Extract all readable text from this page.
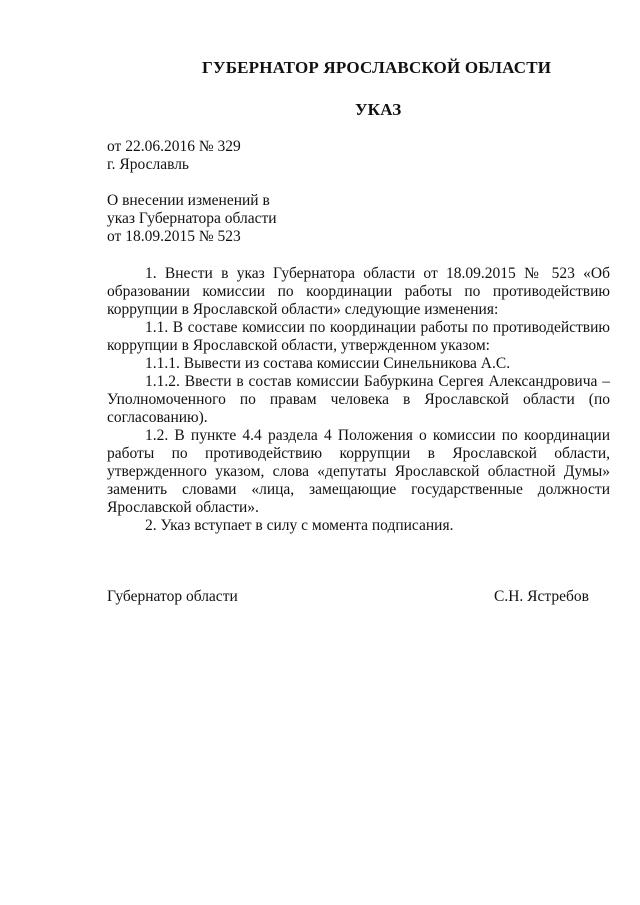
ГУБЕРНАТОР ЯРОСЛАВСКОЙ ОБЛАСТИ
УКАЗ
от 22.06.2016 № 329
г. Ярославль
О внесении изменений в
указ Губернатора области
от 18.09.2015 № 523

1. Внести в указ Губернатора области от 18.09.2015 № 523 «Об образовании комиссии по координации работы по противодействию коррупции в Ярославской области» следующие изменения:

1.1. В составе комиссии по координации работы по противодействию коррупции в Ярославской области, утвержденном указом:

1.1.1. Вывести из состава комиссии Синельникова А.С.

1.1.2. Ввести в состав комиссии Бабуркина Сергея Александровича – Уполномоченного по правам человека в Ярославской области (по согласованию).

1.2. В пункте 4.4 раздела 4 Положения о комиссии по координации работы по противодействию коррупции в Ярославской области, утвержденного указом, слова «депутаты Ярославской областной Думы» заменить словами «лица, замещающие государственные должности Ярославской области».

2. Указ вступает в силу с момента подписания.

Губернатор области	С.Н. Ястребов
